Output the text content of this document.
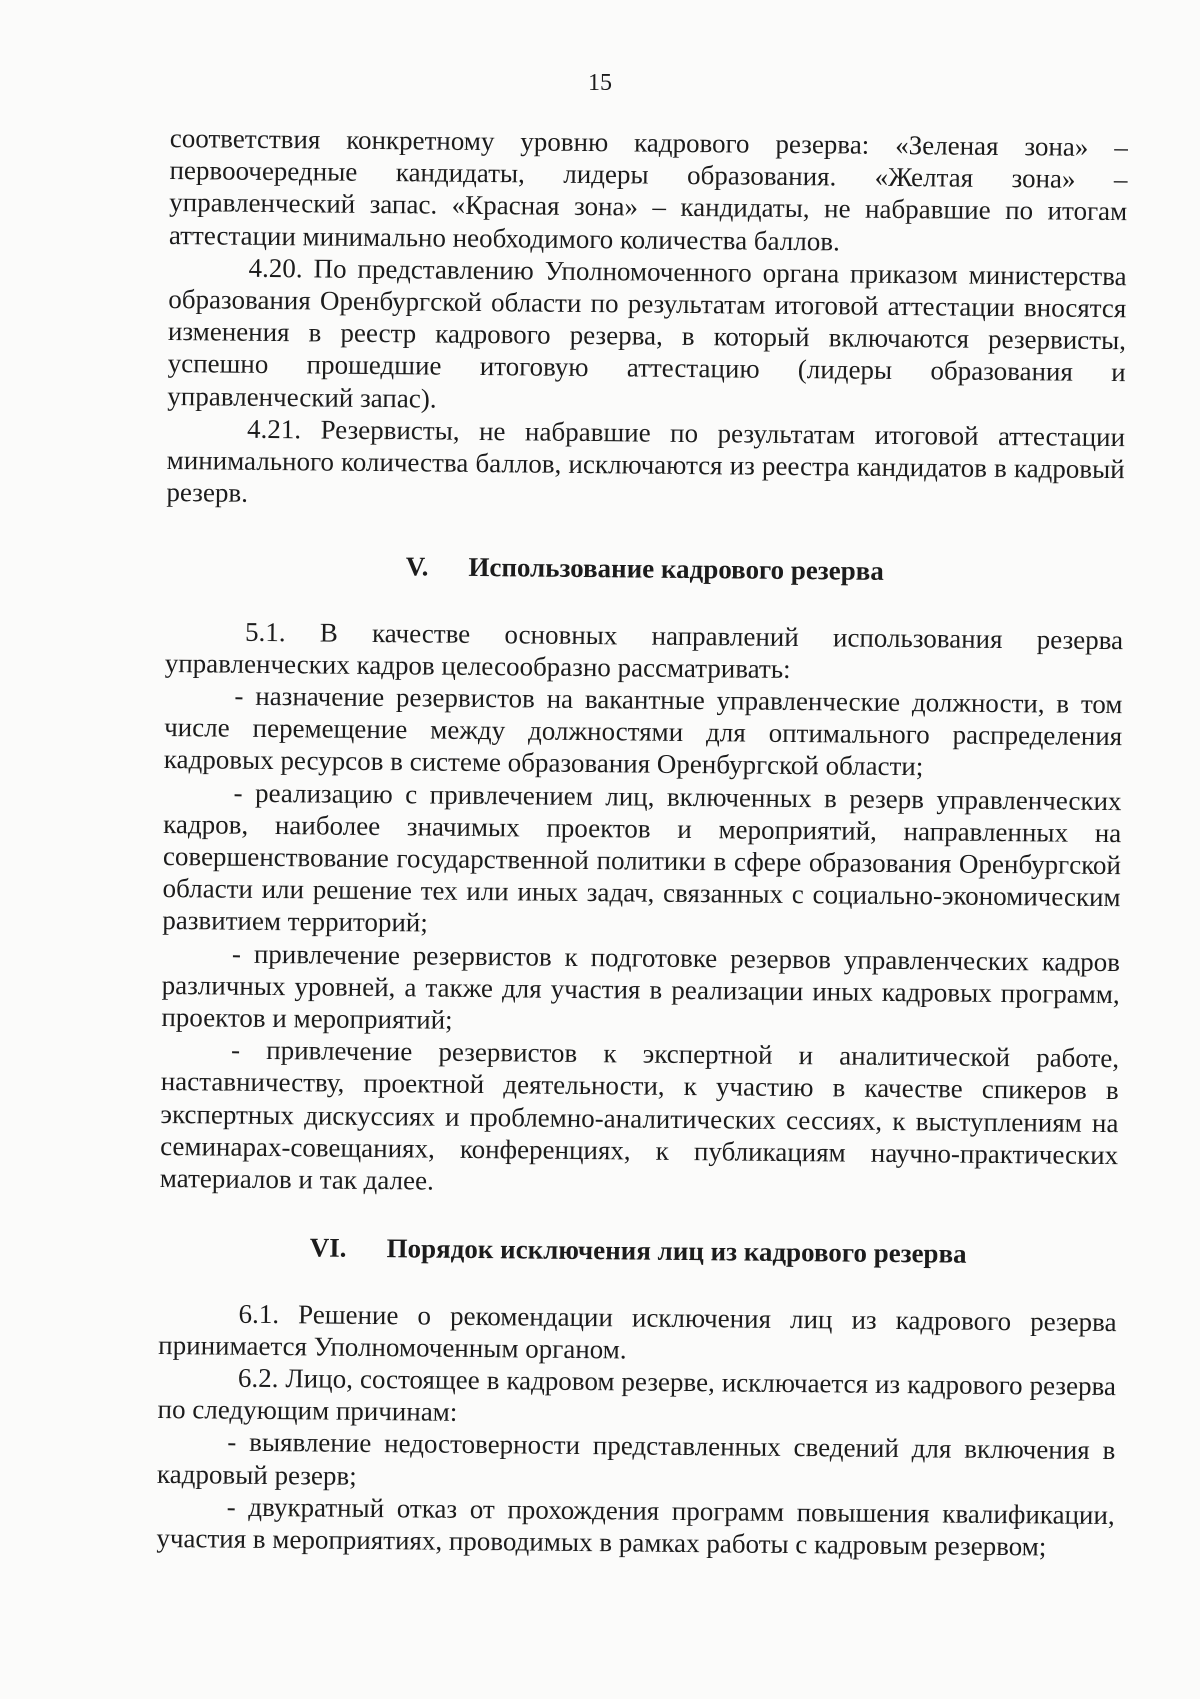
15

соответствия конкретному уровню кадрового резерва: «Зеленая зона» – первоочередные кандидаты, лидеры образования. «Желтая зона» – управленческий запас. «Красная зона» – кандидаты, не набравшие по итогам аттестации минимально необходимого количества баллов.

4.20. По представлению Уполномоченного органа приказом министерства образования Оренбургской области по результатам итоговой аттестации вносятся изменения в реестр кадрового резерва, в который включаются резервисты, успешно прошедшие итоговую аттестацию (лидеры образования и управленческий запас).

4.21. Резервисты, не набравшие по результатам итоговой аттестации минимального количества баллов, исключаются из реестра кандидатов в кадровый резерв.

V. Использование кадрового резерва

5.1. В качестве основных направлений использования резерва управленческих кадров целесообразно рассматривать:

- назначение резервистов на вакантные управленческие должности, в том числе перемещение между должностями для оптимального распределения кадровых ресурсов в системе образования Оренбургской области;

- реализацию с привлечением лиц, включенных в резерв управленческих кадров, наиболее значимых проектов и мероприятий, направленных на совершенствование государственной политики в сфере образования Оренбургской области или решение тех или иных задач, связанных с социально-экономическим развитием территорий;

- привлечение резервистов к подготовке резервов управленческих кадров различных уровней, а также для участия в реализации иных кадровых программ, проектов и мероприятий;

- привлечение резервистов к экспертной и аналитической работе, наставничеству, проектной деятельности, к участию в качестве спикеров в экспертных дискуссиях и проблемно-аналитических сессиях, к выступлениям на семинарах-совещаниях, конференциях, к публикациям научно-практических материалов и так далее.

VI. Порядок исключения лиц из кадрового резерва

6.1. Решение о рекомендации исключения лиц из кадрового резерва принимается Уполномоченным органом.

6.2. Лицо, состоящее в кадровом резерве, исключается из кадрового резерва по следующим причинам:

- выявление недостоверности представленных сведений для включения в кадровый резерв;

- двукратный отказ от прохождения программ повышения квалификации, участия в мероприятиях, проводимых в рамках работы с кадровым резервом;
